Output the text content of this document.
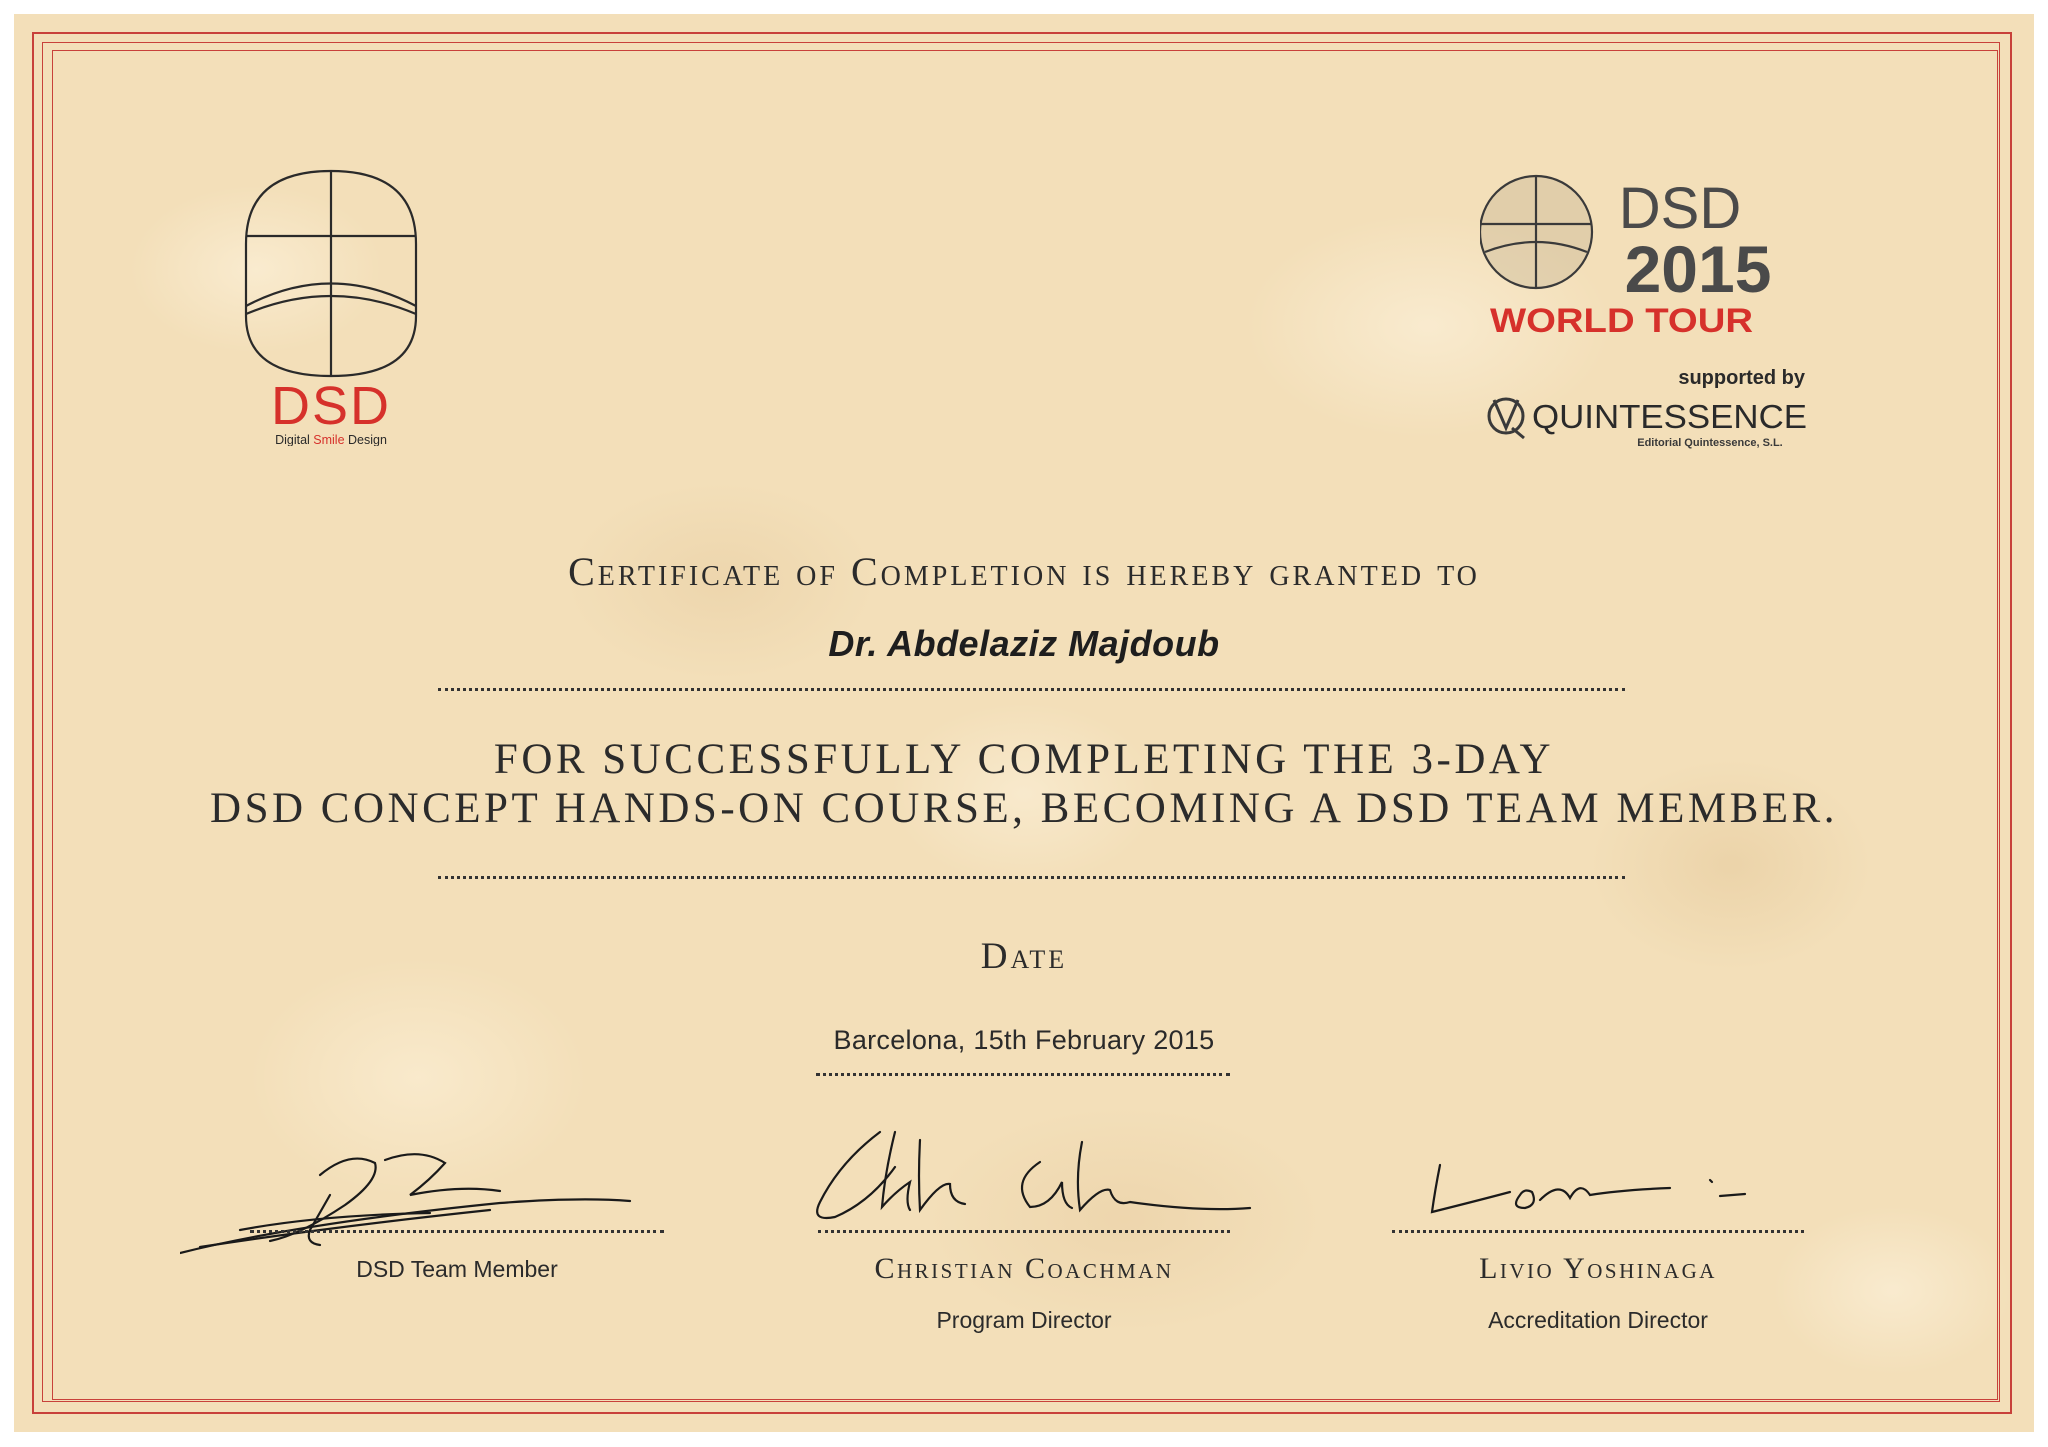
DSD
Digital Smile Design
DSD
2015
WORLD TOUR
supported by
QUINTESSENCE
Editorial Quintessence, S.L.
Certificate of Completion is hereby granted to
Dr. Abdelaziz Majdoub
FOR SUCCESSFULLY COMPLETING THE 3-DAY
DSD CONCEPT HANDS-ON COURSE, BECOMING A DSD TEAM MEMBER.
Date
Barcelona, 15th February 2015
DSD Team Member	Christian Coachman
Program Director
Livio Yoshinaga
Accreditation Director
